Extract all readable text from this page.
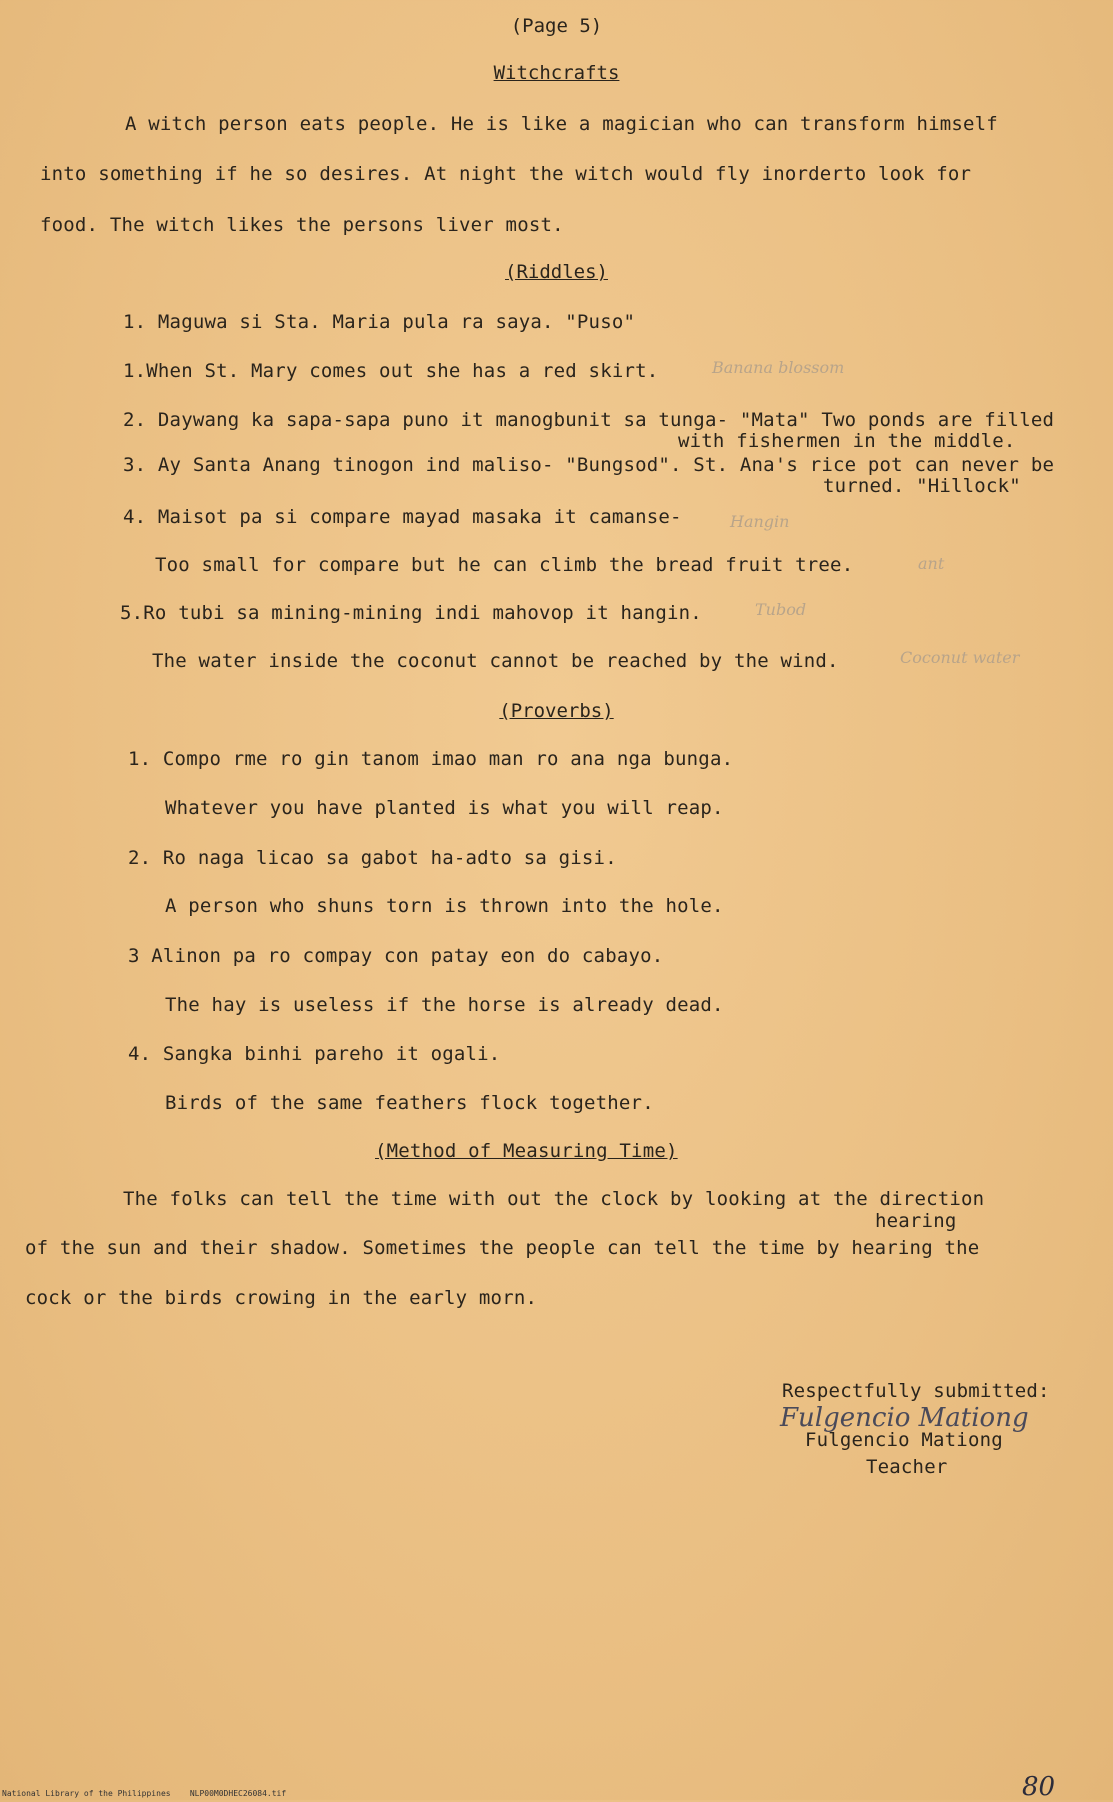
(Page 5)
Witchcrafts
A witch person eats people. He is like a magician who can transform himself
into something if he so desires. At night the witch would fly inorderto look for
food. The witch likes the persons liver most.
(Riddles)
1. Maguwa si Sta. Maria pula ra saya. "Puso"
1.When St. Mary comes out she has a red skirt.	Banana blossom
2. Daywang ka sapa-sapa puno it manogbunit sa tunga- "Mata" Two ponds are filled
with fishermen in the middle.
3. Ay Santa Anang tinogon ind maliso- "Bungsod". St. Ana's rice pot can never be
turned. "Hillock"
4. Maisot pa si compare mayad masaka it camanse-	Hangin
Too small for compare but he can climb the bread fruit tree.	ant
5.Ro tubi sa mining-mining indi mahovop it hangin.	Tubod
The water inside the coconut cannot be reached by the wind.	Coconut water
(Proverbs)
1. Compo rme ro gin tanom imao man ro ana nga bunga.
Whatever you have planted is what you will reap.
2. Ro naga licao sa gabot ha-adto sa gisi.
A person who shuns torn is thrown into the hole.
3 Alinon pa ro compay con patay eon do cabayo.
The hay is useless if the horse is already dead.
4. Sangka binhi pareho it ogali.
Birds of the same feathers flock together.
(Method of Measuring Time)
The folks can tell the time with out the clock by looking at the direction
hearing
of the sun and their shadow. Sometimes the people can tell the time by hearing the
cock or the birds crowing in the early morn.
Respectfully submitted:
Fulgencio Mationg
Fulgencio Mationg
Teacher
National Library of the Philippines    NLP00M0DHEC26084.tif	80
